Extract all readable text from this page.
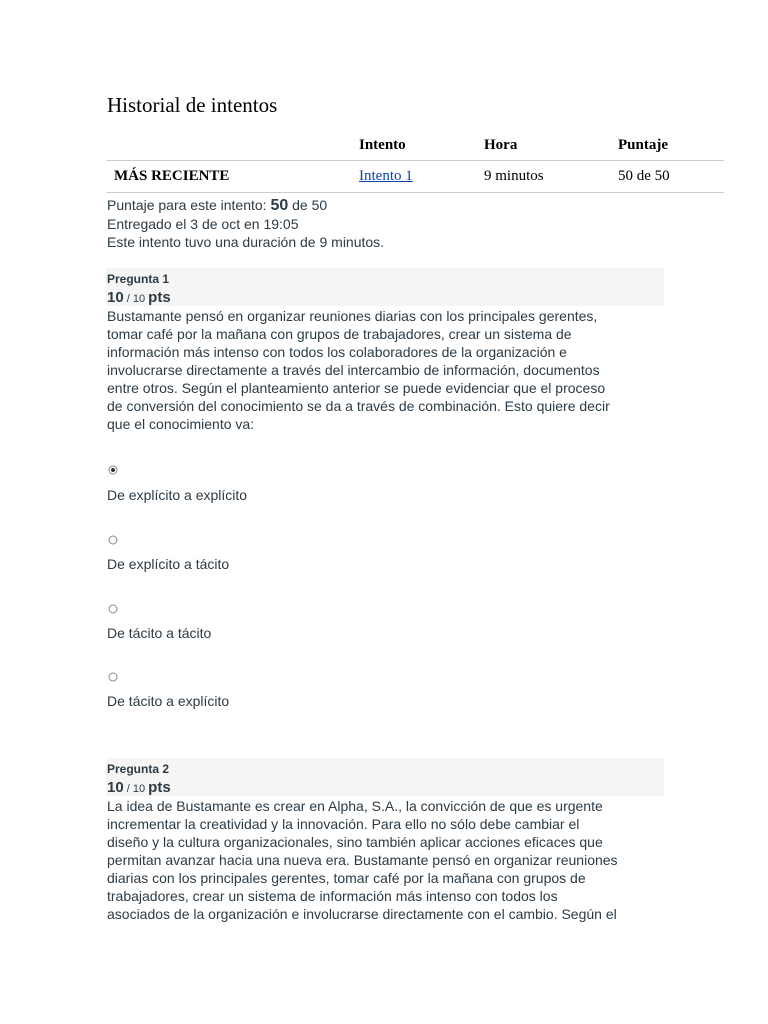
Historial de intentos
	Intento	Hora	Puntaje
MÁS RECIENTE	Intento 1	9 minutos	50 de 50
Puntaje para este intento: 50 de 50
Entregado el 3 de oct en 19:05
Este intento tuvo una duración de 9 minutos.
Pregunta 1
10 / 10 pts
Bustamante pensó en organizar reuniones diarias con los principales gerentes,
tomar café por la mañana con grupos de trabajadores, crear un sistema de
información más intenso con todos los colaboradores de la organización e
involucrarse directamente a través del intercambio de información, documentos
entre otros. Según el planteamiento anterior se puede evidenciar que el proceso
de conversión del conocimiento se da a través de combinación. Esto quiere decir
que el conocimiento va:
De explícito a explícito
De explícito a tácito
De tácito a tácito
De tácito a explícito
Pregunta 2
10 / 10 pts
La idea de Bustamante es crear en Alpha, S.A., la convicción de que es urgente
incrementar la creatividad y la innovación. Para ello no sólo debe cambiar el
diseño y la cultura organizacionales, sino también aplicar acciones eficaces que
permitan avanzar hacia una nueva era. Bustamante pensó en organizar reuniones
diarias con los principales gerentes, tomar café por la mañana con grupos de
trabajadores, crear un sistema de información más intenso con todos los
asociados de la organización e involucrarse directamente con el cambio. Según el
